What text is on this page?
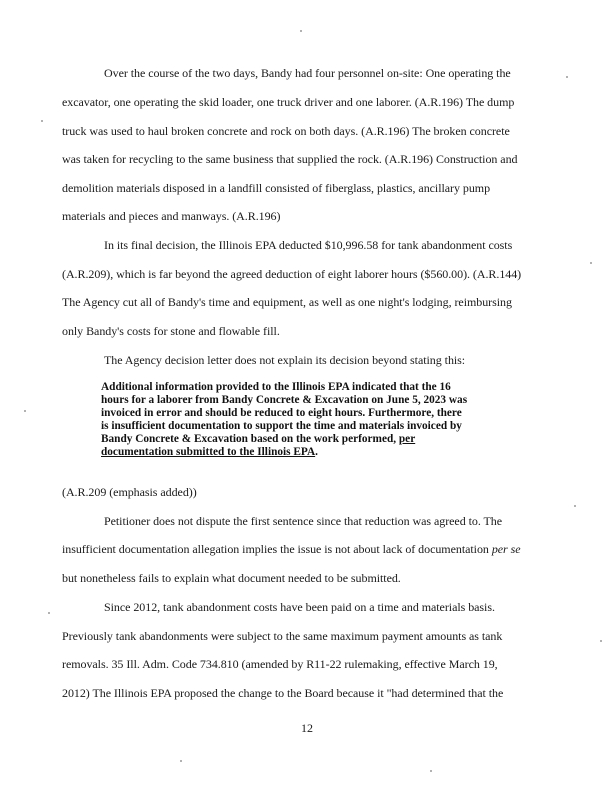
Over the course of the two days, Bandy had four personnel on-site: One operating the
excavator, one operating the skid loader, one truck driver and one laborer. (A.R.196) The dump
truck was used to haul broken concrete and rock on both days. (A.R.196) The broken concrete
was taken for recycling to the same business that supplied the rock. (A.R.196) Construction and
demolition materials disposed in a landfill consisted of fiberglass, plastics, ancillary pump
materials and pieces and manways. (A.R.196)
In its final decision, the Illinois EPA deducted $10,996.58 for tank abandonment costs
(A.R.209), which is far beyond the agreed deduction of eight laborer hours ($560.00). (A.R.144)
The Agency cut all of Bandy's time and equipment, as well as one night's lodging, reimbursing
only Bandy's costs for stone and flowable fill.
The Agency decision letter does not explain its decision beyond stating this:
Additional information provided to the Illinois EPA indicated that the 16
hours for a laborer from Bandy Concrete & Excavation on June 5, 2023 was
invoiced in error and should be reduced to eight hours. Furthermore, there
is insufficient documentation to support the time and materials invoiced by
Bandy Concrete & Excavation based on the work performed, per
documentation submitted to the Illinois EPA.
(A.R.209 (emphasis added))
Petitioner does not dispute the first sentence since that reduction was agreed to. The
insufficient documentation allegation implies the issue is not about lack of documentation per se
but nonetheless fails to explain what document needed to be submitted.
Since 2012, tank abandonment costs have been paid on a time and materials basis.
Previously tank abandonments were subject to the same maximum payment amounts as tank
removals. 35 Ill. Adm. Code 734.810 (amended by R11-22 rulemaking, effective March 19,
2012) The Illinois EPA proposed the change to the Board because it "had determined that the
12
